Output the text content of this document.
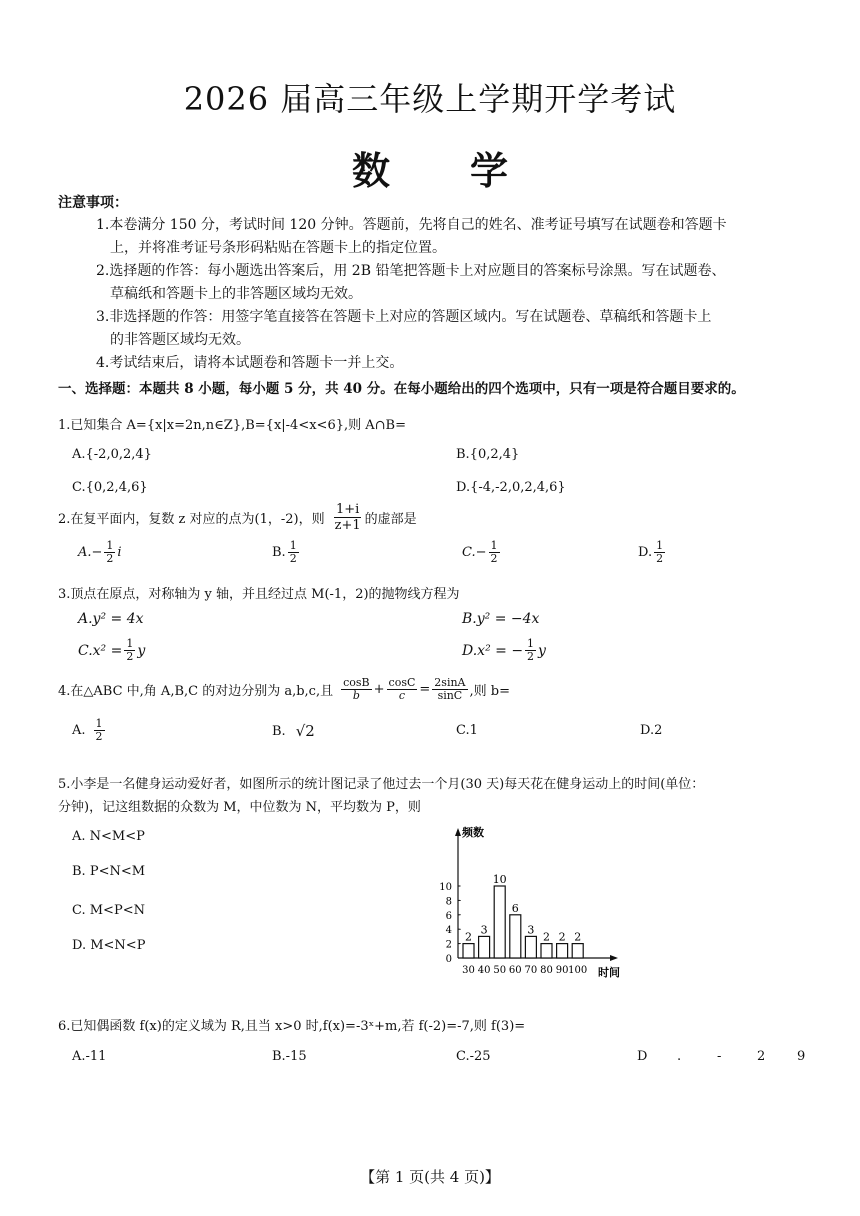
2026 届高三年级上学期开学考试
数学
注意事项：
1.本卷满分 150 分，考试时间 120 分钟。答题前，先将自己的姓名、准考证号填写在试题卷和答题卡
上，并将准考证号条形码粘贴在答题卡上的指定位置。
2.选择题的作答：每小题选出答案后，用 2B 铅笔把答题卡上对应题目的答案标号涂黑。写在试题卷、
草稿纸和答题卡上的非答题区域均无效。
3.非选择题的作答：用签字笔直接答在答题卡上对应的答题区域内。写在试题卷、草稿纸和答题卡上
的非答题区域均无效。
4.考试结束后，请将本试题卷和答题卡一并上交。
一、选择题：本题共 8 小题，每小题 5 分，共 40 分。在每小题给出的四个选项中，只有一项是符合题目要求的。
1.已知集合 A={x|x=2n,n∈Z},B={x|-4<x<6},则 A∩B=
A.{-2,0,2,4}	B.{0,2,4}
C.{0,2,4,6}	D.{-4,-2,0,2,4,6}
2.在复平面内，复数 z 对应的点为(1，-2)，则 $\frac{1+i}{z+1}$ 的虚部是
$A.- \frac{1}{2}$ i	B. $\frac{1}{2}$	$C.- \frac{1}{2}$	D. $\frac{1}{2}$
3.顶点在原点，对称轴为 y 轴，并且经过点 M(-1，2)的抛物线方程为
A.y² = 4x	B.y² = −4x
$C.x^2 = \frac{1}{2}$ y	D.x² = − $\frac{1}{2}$ y
4.在△ABC 中,角 A,B,C 的对边分别为 a,b,c,且 $\frac{\cos B}{b} + \frac{\cos C}{c} = \frac{2\sin A}{\sin C}$ ,则 b=
A. $\frac{1}{2}$	B. √2	C.1	D.2
5.小李是一名健身运动爱好者，如图所示的统计图记录了他过去一个月(30 天)每天花在健身运动上的时间(单位：
分钟)，记这组数据的众数为 M，中位数为 N，平均数为 P，则
A. N<M<P
B. P<N<M
C. M<P<N
D. M<N<P
频数
时间
0
2
4
6
8
10
2
3
10
6
3
2 2 2
30 40 50 60 70 80 90 100
6.已知偶函数 f(x)的定义域为 R,且当 x>0 时,f(x)=-3ˣ+m,若 f(-2)=-7,则 f(3)=
A.-11	B.-15	C.-25	D .	-	2 9
【第 1 页(共 4 页)】
